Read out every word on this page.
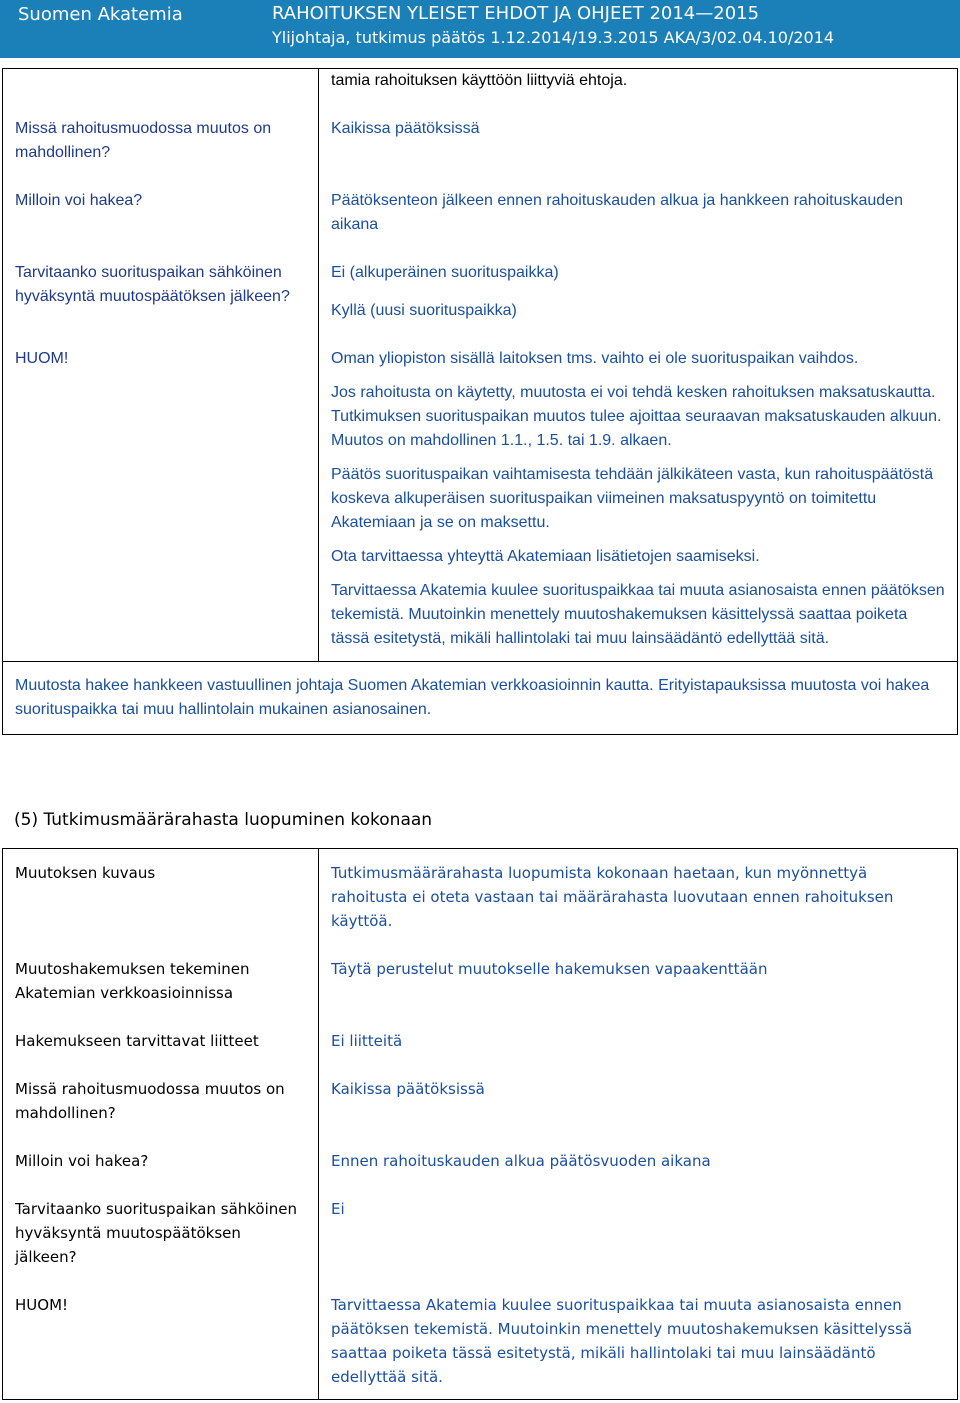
Suomen Akatemia	RAHOITUKSEN YLEISET EHDOT JA OHJEET 2014—2015
Ylijohtaja, tutkimus päätös 1.12.2014/19.3.2015 AKA/3/02.04.10/2014
	tamia rahoituksen käyttöön liittyviä ehtoja.
Missä rahoitusmuodossa muutos on mahdollinen?	Kaikissa päätöksissä
Milloin voi hakea?	Päätöksenteon jälkeen ennen rahoituskauden alkua ja hankkeen rahoituskauden aikana
Tarvitaanko suorituspaikan sähköinen hyväksyntä muutospäätöksen jälkeen?	Ei (alkuperäinen suorituspaikka)

Kyllä (uusi suorituspaikka)

HUOM!	Oman yliopiston sisällä laitoksen tms. vaihto ei ole suorituspaikan vaihdos.

Jos rahoitusta on käytetty, muutosta ei voi tehdä kesken rahoituksen maksatuskautta. Tutkimuksen suorituspaikan muutos tulee ajoittaa seuraavan maksatuskauden alkuun. Muutos on mahdollinen 1.1., 1.5. tai 1.9. alkaen.

Päätös suorituspaikan vaihtamisesta tehdään jälkikäteen vasta, kun rahoituspäätöstä koskeva alkuperäisen suorituspaikan viimeinen maksatuspyyntö on toimitettu Akatemiaan ja se on maksettu.

Ota tarvittaessa yhteyttä Akatemiaan lisätietojen saamiseksi.

Tarvittaessa Akatemia kuulee suorituspaikkaa tai muuta asianosaista ennen päätöksen tekemistä. Muutoinkin menettely muutoshakemuksen käsittelyssä saattaa poiketa tässä esitetystä, mikäli hallintolaki tai muu lainsäädäntö edellyttää sitä.

Muutosta hakee hankkeen vastuullinen johtaja Suomen Akatemian verkkoasioinnin kautta. Erityistapauksissa muutosta voi hakea suorituspaikka tai muu hallintolain mukainen asianosainen.	
(5) Tutkimusmäärärahasta luopuminen kokonaan
Muutoksen kuvaus	Tutkimusmäärärahasta luopumista kokonaan haetaan, kun myönnettyä rahoitusta ei oteta vastaan tai määrärahasta luovutaan ennen rahoituksen käyttöä.
Muutoshakemuksen tekeminen Akatemian verkkoasioinnissa	Täytä perustelut muutokselle hakemuksen vapaakenttään
Hakemukseen tarvittavat liitteet	Ei liitteitä
Missä rahoitusmuodossa muutos on mahdollinen?	Kaikissa päätöksissä
Milloin voi hakea?	Ennen rahoituskauden alkua päätösvuoden aikana
Tarvitaanko suorituspaikan sähköinen hyväksyntä muutospäätöksen jälkeen?	Ei
HUOM!	Tarvittaessa Akatemia kuulee suorituspaikkaa tai muuta asianosaista ennen päätöksen tekemistä. Muutoinkin menettely muutoshakemuksen käsittelyssä saattaa poiketa tässä esitetystä, mikäli hallintolaki tai muu lainsäädäntö edellyttää sitä.
